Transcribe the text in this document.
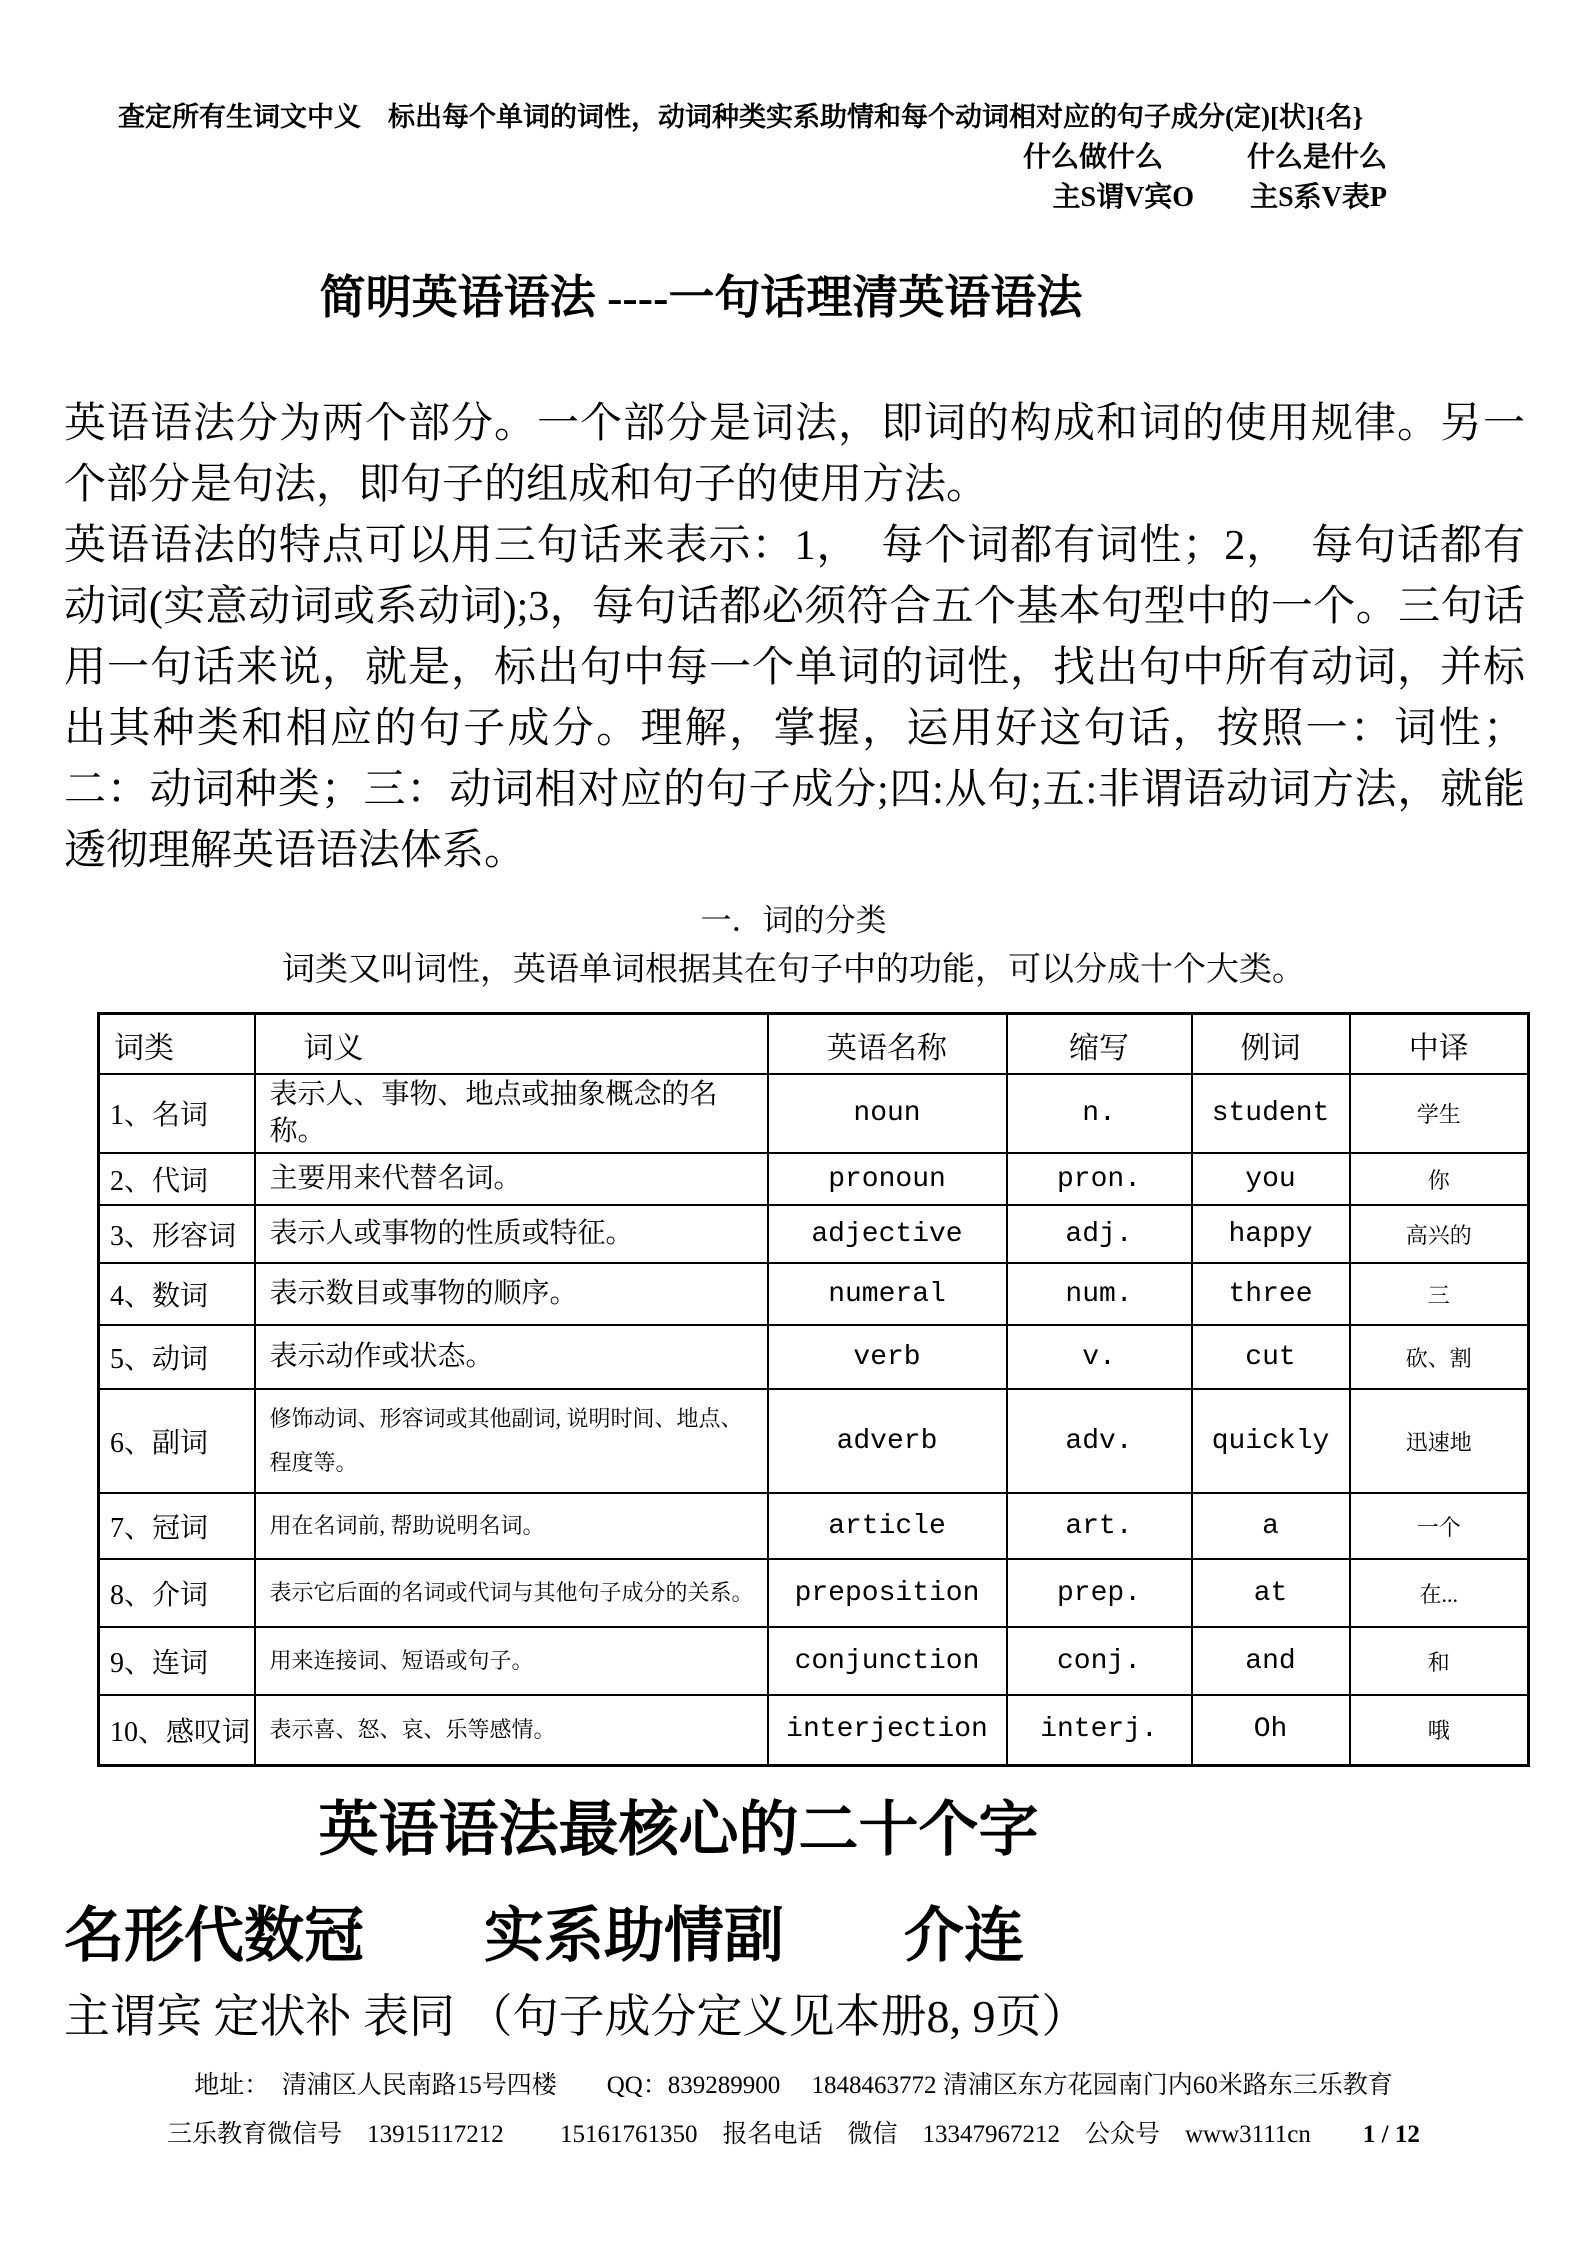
查定所有生词文中义　标出每个单词的词性，动词种类实系助情和每个动词相对应的句子成分(定)[状]{名}
什么做什么　　　什么是什么
主S谓V宾O　　主S系V表P
简明英语语法 ----一句话理清英语语法

英语语法分为两个部分。一个部分是词法，即词的构成和词的使用规律。另一个部分是句法，即句子的组成和句子的使用方法。

英语语法的特点可以用三句话来表示：1，　每个词都有词性；2，　每句话都有动词(实意动词或系动词);3，每句话都必须符合五个基本句型中的一个。三句话用一句话来说，就是，标出句中每一个单词的词性，找出句中所有动词，并标出其种类和相应的句子成分。理解，掌握，运用好这句话，按照一：词性；二：动词种类；三：动词相对应的句子成分;四:从句;五:非谓语动词方法，就能透彻理解英语语法体系。

一．词的分类
词类又叫词性，英语单词根据其在句子中的功能，可以分成十个大类。
词类	词义	英语名称	缩写	例词	中译
1、名词	表示人、事物、地点或抽象概念的名称。	noun	n.	student	学生
2、代词	主要用来代替名词。	pronoun	pron.	you	你
3、形容词	表示人或事物的性质或特征。	adjective	adj.	happy	高兴的
4、数词	表示数目或事物的顺序。	numeral	num.	three	三
5、动词	表示动作或状态。	verb	v.	cut	砍、割
6、副词	修饰动词、形容词或其他副词, 说明时间、地点、程度等。	adverb	adv.	quickly	迅速地
7、冠词	用在名词前, 帮助说明名词。	article	art.	a	一个
8、介词	表示它后面的名词或代词与其他句子成分的关系。	preposition	prep.	at	在...
9、连词	用来连接词、短语或句子。	conjunction	conj.	and	和
10、感叹词	表示喜、怒、哀、乐等感情。	interjection	interj.	Oh	哦
英语语法最核心的二十个字
名形代数冠　　实系助情副　　介连
主谓宾 定状补 表同 （句子成分定义见本册8, 9页）
地址：　清浦区人民南路15号四楼　　QQ：839289900　 1848463772 清浦区东方花园南门内60米路东三乐教育
三乐教育微信号　13915117212　　 15161761350　报名电话　微信　13347967212　公众号　www3111cn 1 / 12
